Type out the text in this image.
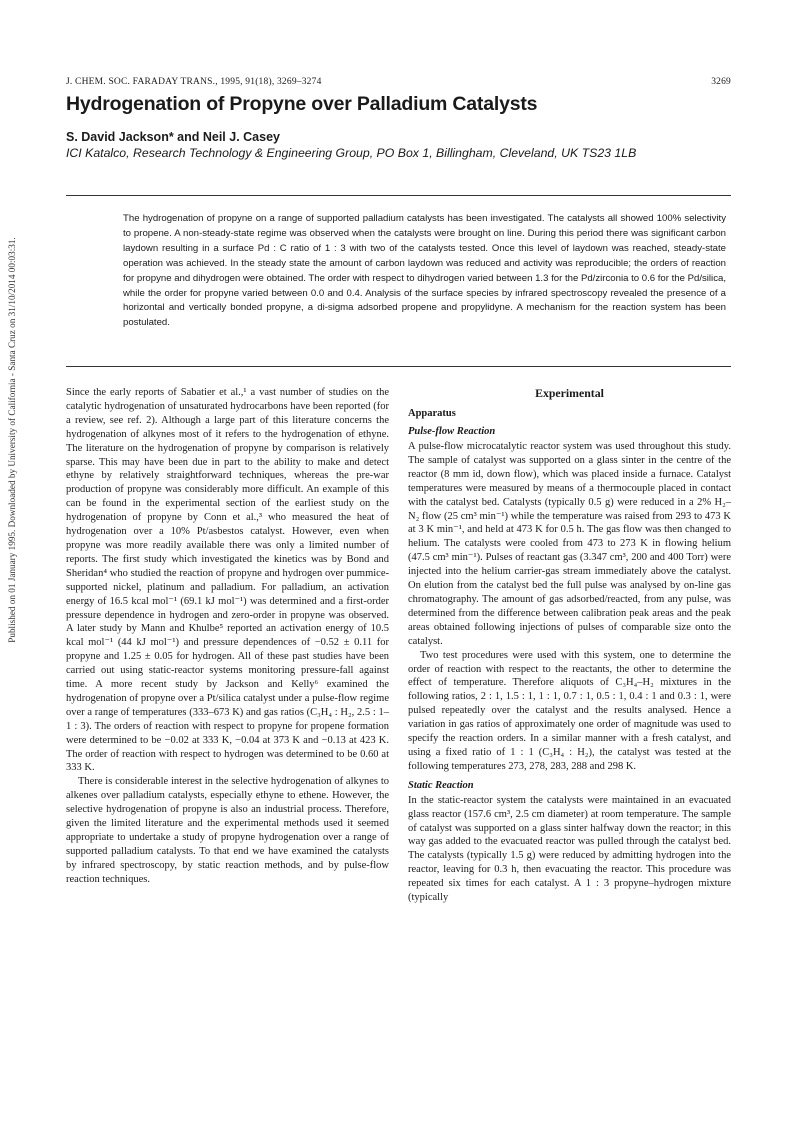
Published on 01 January 1995. Downloaded by University of California - Santa Cruz on 31/10/2014 00:03:31.
J. CHEM. SOC. FARADAY TRANS., 1995, 91(18), 3269–3274	3269
Hydrogenation of Propyne over Palladium Catalysts
S. David Jackson* and Neil J. Casey
ICI Katalco, Research Technology & Engineering Group, PO Box 1, Billingham, Cleveland, UK TS23 1LB

The hydrogenation of propyne on a range of supported palladium catalysts has been investigated. The catalysts all showed 100% selectivity to propene. A non-steady-state regime was observed when the catalysts were brought on line. During this period there was significant carbon laydown resulting in a surface Pd : C ratio of 1 : 3 with two of the catalysts tested. Once this level of laydown was reached, steady-state operation was achieved. In the steady state the amount of carbon laydown was reduced and activity was reproducible; the orders of reaction for propyne and dihydrogen were obtained. The order with respect to dihydrogen varied between 1.3 for the Pd/zirconia to 0.6 for the Pd/silica, while the order for propyne varied between 0.0 and 0.4. Analysis of the surface species by infrared spectroscopy revealed the presence of a horizontal and vertically bonded propyne, a di-sigma adsorbed propene and propylidyne. A mechanism for the reaction system has been postulated.

Since the early reports of Sabatier et al.,¹ a vast number of studies on the catalytic hydrogenation of unsaturated hydrocarbons have been reported (for a review, see ref. 2). Although a large part of this literature concerns the hydrogenation of alkynes most of it refers to the hydrogenation of ethyne. The literature on the hydrogenation of propyne by comparison is relatively sparse. This may have been due in part to the ability to make and detect ethyne by relatively straightforward techniques, whereas the pre-war production of propyne was considerably more difficult. An example of this can be found in the experimental section of the earliest study on the hydrogenation of propyne by Conn et al.,³ who measured the heat of hydrogenation over a 10% Pt/asbestos catalyst. However, even when propyne was more readily available there was only a limited number of reports. The first study which investigated the kinetics was by Bond and Sheridan⁴ who studied the reaction of propyne and hydrogen over pummice-supported nickel, platinum and palladium. For palladium, an activation energy of 16.5 kcal mol⁻¹ (69.1 kJ mol⁻¹) was determined and a first-order pressure dependence in hydrogen and zero-order in propyne was observed. A later study by Mann and Khulbe⁵ reported an activation energy of 10.5 kcal mol⁻¹ (44 kJ mol⁻¹) and pressure dependences of −0.52 ± 0.11 for propyne and 1.25 ± 0.05 for hydrogen. All of these past studies have been carried out using static-reactor systems monitoring pressure-fall against time. A more recent study by Jackson and Kelly⁶ examined the hydrogenation of propyne over a Pt/silica catalyst under a pulse-flow regime over a range of temperatures (333–673 K) and gas ratios (C₃H₄ : H₂, 2.5 : 1–1 : 3). The orders of reaction with respect to propyne for propene formation were determined to be −0.02 at 333 K, −0.04 at 373 K and −0.13 at 423 K. The order of reaction with respect to hydrogen was determined to be 0.60 at 333 K.

There is considerable interest in the selective hydrogenation of alkynes to alkenes over palladium catalysts, especially ethyne to ethene. However, the selective hydrogenation of propyne is also an industrial process. Therefore, given the limited literature and the experimental methods used it seemed appropriate to undertake a study of propyne hydrogenation over a range of supported palladium catalysts. To that end we have examined the catalysts by infrared spectroscopy, by static reaction methods, and by pulse-flow reaction techniques.

Experimental
Apparatus
Pulse-flow Reaction

A pulse-flow microcatalytic reactor system was used throughout this study. The sample of catalyst was supported on a glass sinter in the centre of the reactor (8 mm id, down flow), which was placed inside a furnace. Catalyst temperatures were measured by means of a thermocouple placed in contact with the catalyst bed. Catalysts (typically 0.5 g) were reduced in a 2% H₂–N₂ flow (25 cm³ min⁻¹) while the temperature was raised from 293 to 473 K at 3 K min⁻¹, and held at 473 K for 0.5 h. The gas flow was then changed to helium. The catalysts were cooled from 473 to 273 K in flowing helium (47.5 cm³ min⁻¹). Pulses of reactant gas (3.347 cm³, 200 and 400 Torr) were injected into the helium carrier-gas stream immediately above the catalyst. On elution from the catalyst bed the full pulse was analysed by on-line gas chromatography. The amount of gas adsorbed/reacted, from any pulse, was determined from the difference between calibration peak areas and the peak areas obtained following injections of pulses of comparable size onto the catalyst.

Two test procedures were used with this system, one to determine the order of reaction with respect to the reactants, the other to determine the effect of temperature. Therefore aliquots of C₃H₄–H₂ mixtures in the following ratios, 2 : 1, 1.5 : 1, 1 : 1, 0.7 : 1, 0.5 : 1, 0.4 : 1 and 0.3 : 1, were pulsed repeatedly over the catalyst and the results analysed. Hence a variation in gas ratios of approximately one order of magnitude was used to specify the reaction orders. In a similar manner with a fresh catalyst, and using a fixed ratio of 1 : 1 (C₃H₄ : H₂), the catalyst was tested at the following temperatures 273, 278, 283, 288 and 298 K.

Static Reaction

In the static-reactor system the catalysts were maintained in an evacuated glass reactor (157.6 cm³, 2.5 cm diameter) at room temperature. The sample of catalyst was supported on a glass sinter halfway down the reactor; in this way gas added to the evacuated reactor was pulled through the catalyst bed. The catalysts (typically 1.5 g) were reduced by admitting hydrogen into the reactor, leaving for 0.3 h, then evacuating the reactor. This procedure was repeated six times for each catalyst. A 1 : 3 propyne–hydrogen mixture (typically
